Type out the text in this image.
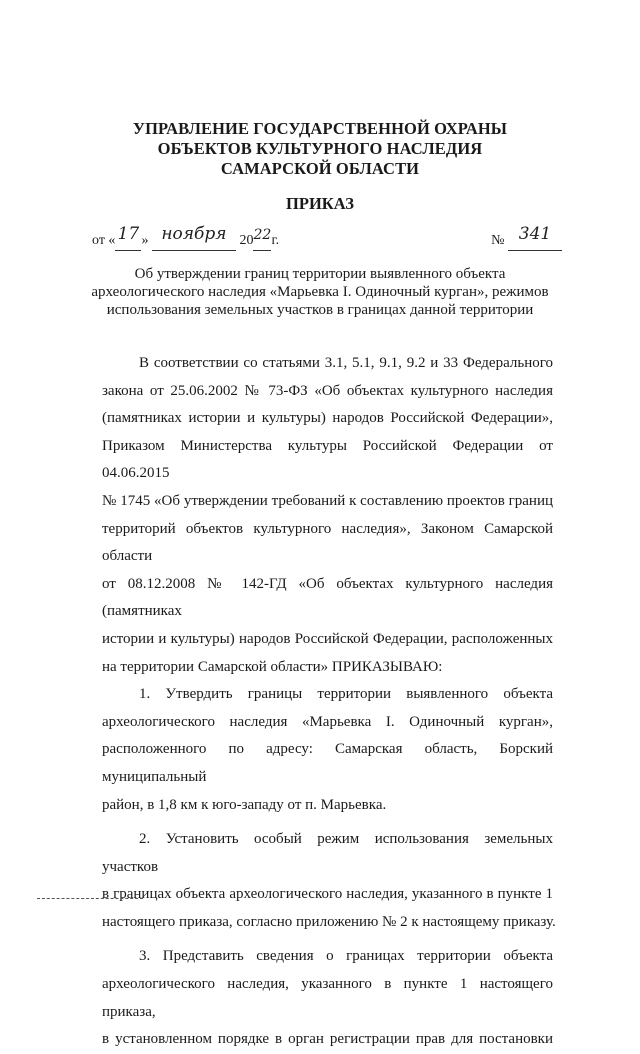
УПРАВЛЕНИЕ ГОСУДАРСТВЕННОЙ ОХРАНЫ
ОБЪЕКТОВ КУЛЬТУРНОГО НАСЛЕДИЯ
САМАРСКОЙ ОБЛАСТИ
ПРИКАЗ
от « 17 » ноября 2022г.	№ 341
Об утверждении границ территории выявленного объекта
археологического наследия «Марьевка I. Одиночный курган», режимов
использования земельных участков в границах данной территории
В соответствии со статьями 3.1, 5.1, 9.1, 9.2 и 33 Федерального
закона от 25.06.2002 № 73-ФЗ «Об объектах культурного наследия
(памятниках истории и культуры) народов Российской Федерации»,
Приказом Министерства культуры Российской Федерации от 04.06.2015
№ 1745 «Об утверждении требований к составлению проектов границ
территорий объектов культурного наследия», Законом Самарской области
от 08.12.2008 № 142-ГД «Об объектах культурного наследия (памятниках
истории и культуры) народов Российской Федерации, расположенных
на территории Самарской области» ПРИКАЗЫВАЮ:
1. Утвердить границы территории выявленного объекта
археологического наследия «Марьевка I. Одиночный курган»,
расположенного по адресу: Самарская область, Борский муниципальный
район, в 1,8 км к юго-западу от п. Марьевка.
2. Установить особый режим использования земельных участков
в границах объекта археологического наследия, указанного в пункте 1
настоящего приказа, согласно приложению № 2 к настоящему приказу.
3. Представить сведения о границах территории объекта
археологического наследия, указанного в пункте 1 настоящего приказа,
в установленном порядке в орган регистрации прав для постановки
